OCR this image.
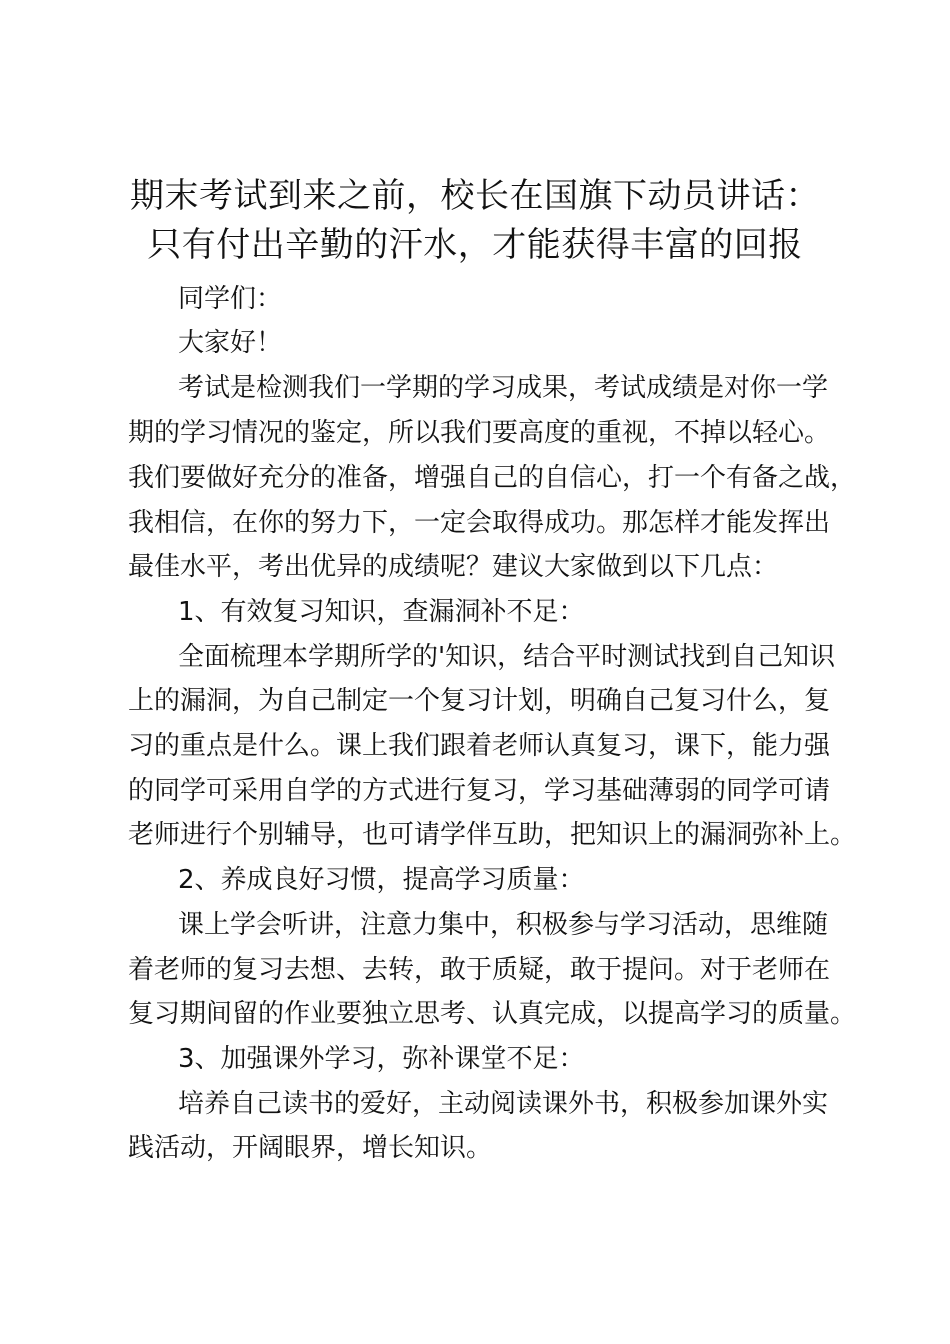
期末考试到来之前，校长在国旗下动员讲话：
只有付出辛勤的汗水，才能获得丰富的回报
同学们：
大家好！
考试是检测我们一学期的学习成果，考试成绩是对你一学
期的学习情况的鉴定，所以我们要高度的重视，不掉以轻心。
我们要做好充分的准备，增强自己的自信心，打一个有备之战，
我相信，在你的努力下，一定会取得成功。那怎样才能发挥出
最佳水平，考出优异的成绩呢？建议大家做到以下几点：
1、有效复习知识，查漏洞补不足：
全面梳理本学期所学的'知识，结合平时测试找到自己知识
上的漏洞，为自己制定一个复习计划，明确自己复习什么，复
习的重点是什么。课上我们跟着老师认真复习，课下，能力强
的同学可采用自学的方式进行复习，学习基础薄弱的同学可请
老师进行个别辅导，也可请学伴互助，把知识上的漏洞弥补上。
2、养成良好习惯，提高学习质量：
课上学会听讲，注意力集中，积极参与学习活动，思维随
着老师的复习去想、去转，敢于质疑，敢于提问。对于老师在
复习期间留的作业要独立思考、认真完成，以提高学习的质量。
3、加强课外学习，弥补课堂不足：
培养自己读书的爱好，主动阅读课外书，积极参加课外实
践活动，开阔眼界，增长知识。
